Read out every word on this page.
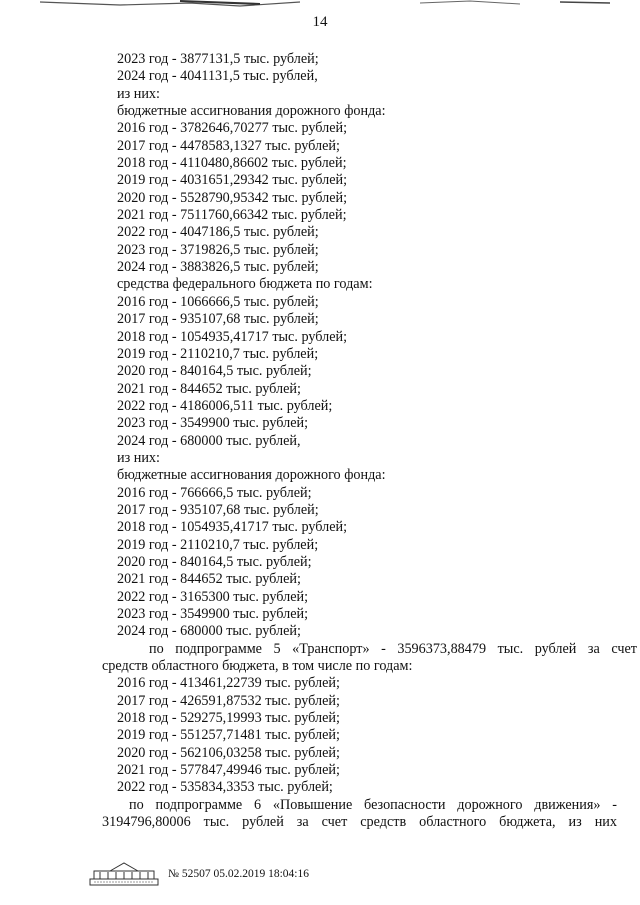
14
2023 год - 3877131,5 тыс. рублей;
2024 год - 4041131,5 тыс. рублей,
из них:
бюджетные ассигнования дорожного фонда:
2016 год - 3782646,70277 тыс. рублей;
2017 год - 4478583,1327 тыс. рублей;
2018 год - 4110480,86602 тыс. рублей;
2019 год - 4031651,29342 тыс. рублей;
2020 год - 5528790,95342 тыс. рублей;
2021 год - 7511760,66342 тыс. рублей;
2022 год - 4047186,5 тыс. рублей;
2023 год - 3719826,5 тыс. рублей;
2024 год - 3883826,5 тыс. рублей;
средства федерального бюджета по годам:
2016 год - 1066666,5 тыс. рублей;
2017 год - 935107,68 тыс. рублей;
2018 год - 1054935,41717 тыс. рублей;
2019 год - 2110210,7 тыс. рублей;
2020 год - 840164,5 тыс. рублей;
2021 год - 844652 тыс. рублей;
2022 год - 4186006,511 тыс. рублей;
2023 год - 3549900 тыс. рублей;
2024 год - 680000 тыс. рублей,
из них:
бюджетные ассигнования дорожного фонда:
2016 год - 766666,5 тыс. рублей;
2017 год - 935107,68 тыс. рублей;
2018 год - 1054935,41717 тыс. рублей;
2019 год - 2110210,7 тыс. рублей;
2020 год - 840164,5 тыс. рублей;
2021 год - 844652 тыс. рублей;
2022 год - 3165300 тыс. рублей;
2023 год - 3549900 тыс. рублей;
2024 год - 680000 тыс. рублей;
по подпрограмме 5 «Транспорт» - 3596373,88479 тыс. рублей за счет
средств областного бюджета, в том числе по годам:
2016 год - 413461,22739 тыс. рублей;
2017 год - 426591,87532 тыс. рублей;
2018 год - 529275,19993 тыс. рублей;
2019 год - 551257,71481 тыс. рублей;
2020 год - 562106,03258 тыс. рублей;
2021 год - 577847,49946 тыс. рублей;
2022 год - 535834,3353 тыс. рублей;
по подпрограмме 6 «Повышение безопасности дорожного движения» -
3194796,80006 тыс. рублей за счет средств областного бюджета, из них
№ 52507 05.02.2019 18:04:16
